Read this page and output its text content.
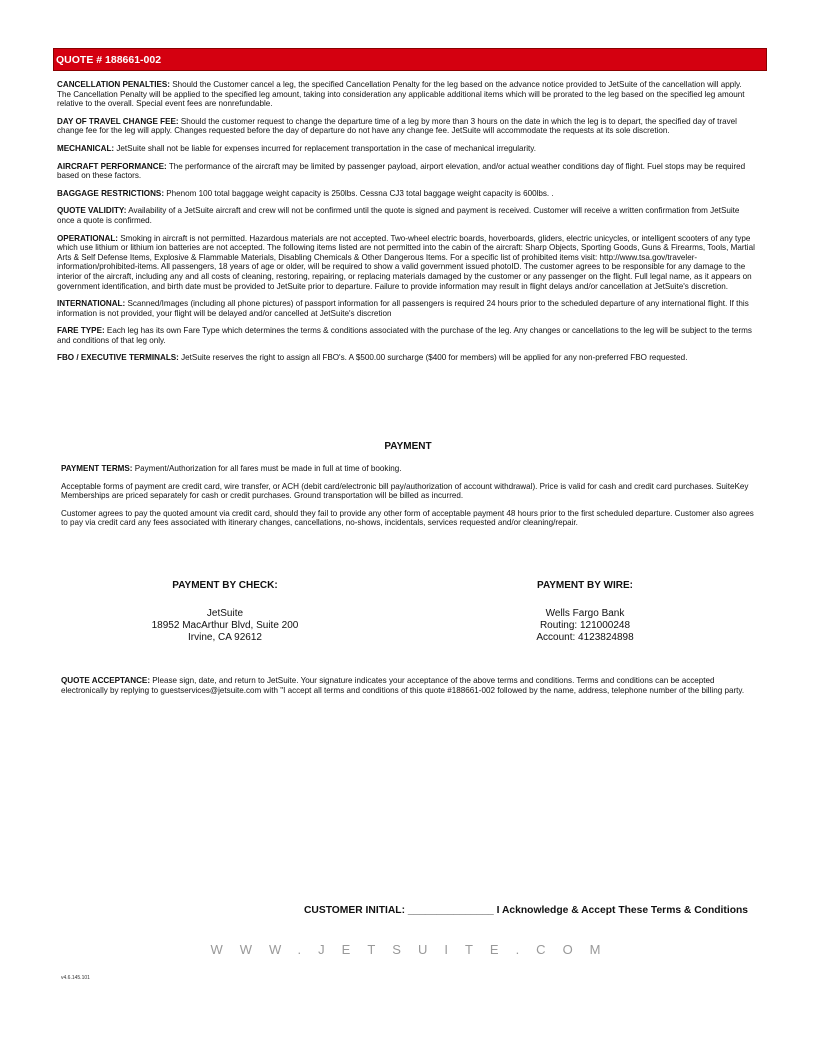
QUOTE # 188661-002
CANCELLATION PENALTIES: Should the Customer cancel a leg, the specified Cancellation Penalty for the leg based on the advance notice provided to JetSuite of the cancellation will apply. The Cancellation Penalty will be applied to the specified leg amount, taking into consideration any applicable additional items which will be prorated to the leg based on the specified leg amount relative to the overall. Special event fees are nonrefundable.
DAY OF TRAVEL CHANGE FEE: Should the customer request to change the departure time of a leg by more than 3 hours on the date in which the leg is to depart, the specified day of travel change fee for the leg will apply. Changes requested before the day of departure do not have any change fee. JetSuite will accommodate the requests at its sole discretion.
MECHANICAL: JetSuite shall not be liable for expenses incurred for replacement transportation in the case of mechanical irregularity.
AIRCRAFT PERFORMANCE: The performance of the aircraft may be limited by passenger payload, airport elevation, and/or actual weather conditions day of flight. Fuel stops may be required based on these factors.
BAGGAGE RESTRICTIONS: Phenom 100 total baggage weight capacity is 250lbs. Cessna CJ3 total baggage weight capacity is 600lbs. .
QUOTE VALIDITY: Availability of a JetSuite aircraft and crew will not be confirmed until the quote is signed and payment is received. Customer will receive a written confirmation from JetSuite once a quote is confirmed.
OPERATIONAL: Smoking in aircraft is not permitted. Hazardous materials are not accepted. Two-wheel electric boards, hoverboards, gliders, electric unicycles, or intelligent scooters of any type which use lithium or lithium ion batteries are not accepted. The following items listed are not permitted into the cabin of the aircraft: Sharp Objects, Sporting Goods, Guns & Firearms, Tools, Martial Arts & Self Defense Items, Explosive & Flammable Materials, Disabling Chemicals & Other Dangerous Items. For a specific list of prohibited items visit: http://www.tsa.gov/traveler-information/prohibited-items. All passengers, 18 years of age or older, will be required to show a valid government issued photoID. The customer agrees to be responsible for any damage to the interior of the aircraft, including any and all costs of cleaning, restoring, repairing, or replacing materials damaged by the customer or any passenger on the flight. Full legal name, as it appears on government identification, and birth date must be provided to JetSuite prior to departure. Failure to provide information may result in flight delays and/or cancellation at JetSuite's discretion.
INTERNATIONAL: Scanned/Images (including all phone pictures) of passport information for all passengers is required 24 hours prior to the scheduled departure of any international flight. If this information is not provided, your flight will be delayed and/or cancelled at JetSuite's discretion
FARE TYPE: Each leg has its own Fare Type which determines the terms & conditions associated with the purchase of the leg. Any changes or cancellations to the leg will be subject to the terms and conditions of that leg only.
FBO / EXECUTIVE TERMINALS: JetSuite reserves the right to assign all FBO's. A $500.00 surcharge ($400 for members) will be applied for any non-preferred FBO requested.
PAYMENT
PAYMENT TERMS: Payment/Authorization for all fares must be made in full at time of booking.
Acceptable forms of payment are credit card, wire transfer, or ACH (debit card/electronic bill pay/authorization of account withdrawal). Price is valid for cash and credit card purchases. SuiteKey Memberships are priced separately for cash or credit purchases. Ground transportation will be billed as incurred.
Customer agrees to pay the quoted amount via credit card, should they fail to provide any other form of acceptable payment 48 hours prior to the first scheduled departure. Customer also agrees to pay via credit card any fees associated with itinerary changes, cancellations, no-shows, incidentals, services requested and/or cleaning/repair.
PAYMENT BY CHECK:
JetSuite
18952 MacArthur Blvd, Suite 200
Irvine, CA 92612
PAYMENT BY WIRE:
Wells Fargo Bank
Routing: 121000248
Account: 4123824898
QUOTE ACCEPTANCE: Please sign, date, and return to JetSuite. Your signature indicates your acceptance of the above terms and conditions. Terms and conditions can be accepted electronically by replying to guestservices@jetsuite.com with "I accept all terms and conditions of this quote #188661-002 followed by the name, address, telephone number of the billing party.
CUSTOMER INITIAL: _______________ I Acknowledge & Accept These Terms & Conditions
WWW.JETSUITE.COM
v4.6.145.101
